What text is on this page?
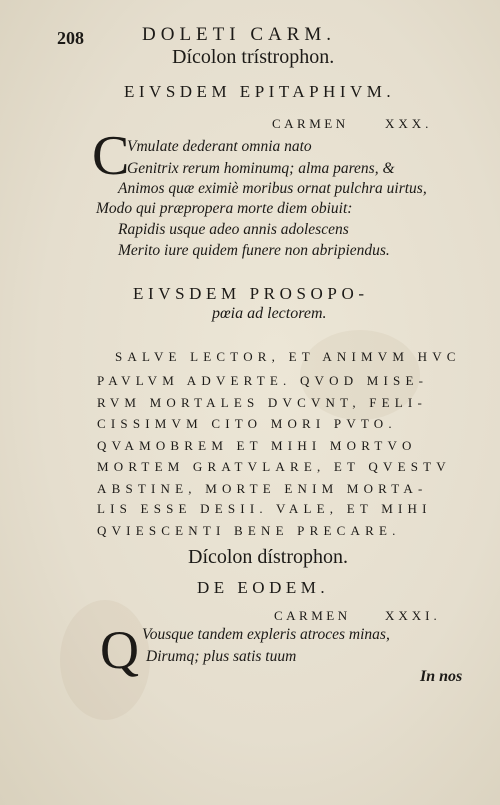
208	DOLETI CARM.
Dícolon trístrophon.
EIVSDEM EPITAPHIVM.
CARMEN	XXX.
C
Vmulate dederant omnia nato
Genitrix rerum hominumq; alma parens, &
Animos quæ eximiè moribus ornat pulchra uirtus,
Modo qui præpropera morte diem obiuit:
Rapidis usque adeo annis adolescens
Merito iure quidem funere non abripiendus.
EIVSDEM PROSOPO-
pœia ad lectorem.
SALVE LECTOR, ET ANIMVM HVC
PAVLVM ADVERTE. QVOD MISE-
RVM MORTALES DVCVNT, FELI-
CISSIMVM CITO MORI PVTO.
QVAMOBREM ET MIHI MORTVO
MORTEM GRATVLARE, ET QVESTV
ABSTINE, MORTE ENIM MORTA-
LIS ESSE DESII. VALE, ET MIHI
QVIESCENTI BENE PRECARE.
Dícolon dístrophon.
DE EODEM.
CARMEN	XXXI.
Q Vousque tandem expleris atroces minas,
Dirumq; plus satis tuum
In nos
